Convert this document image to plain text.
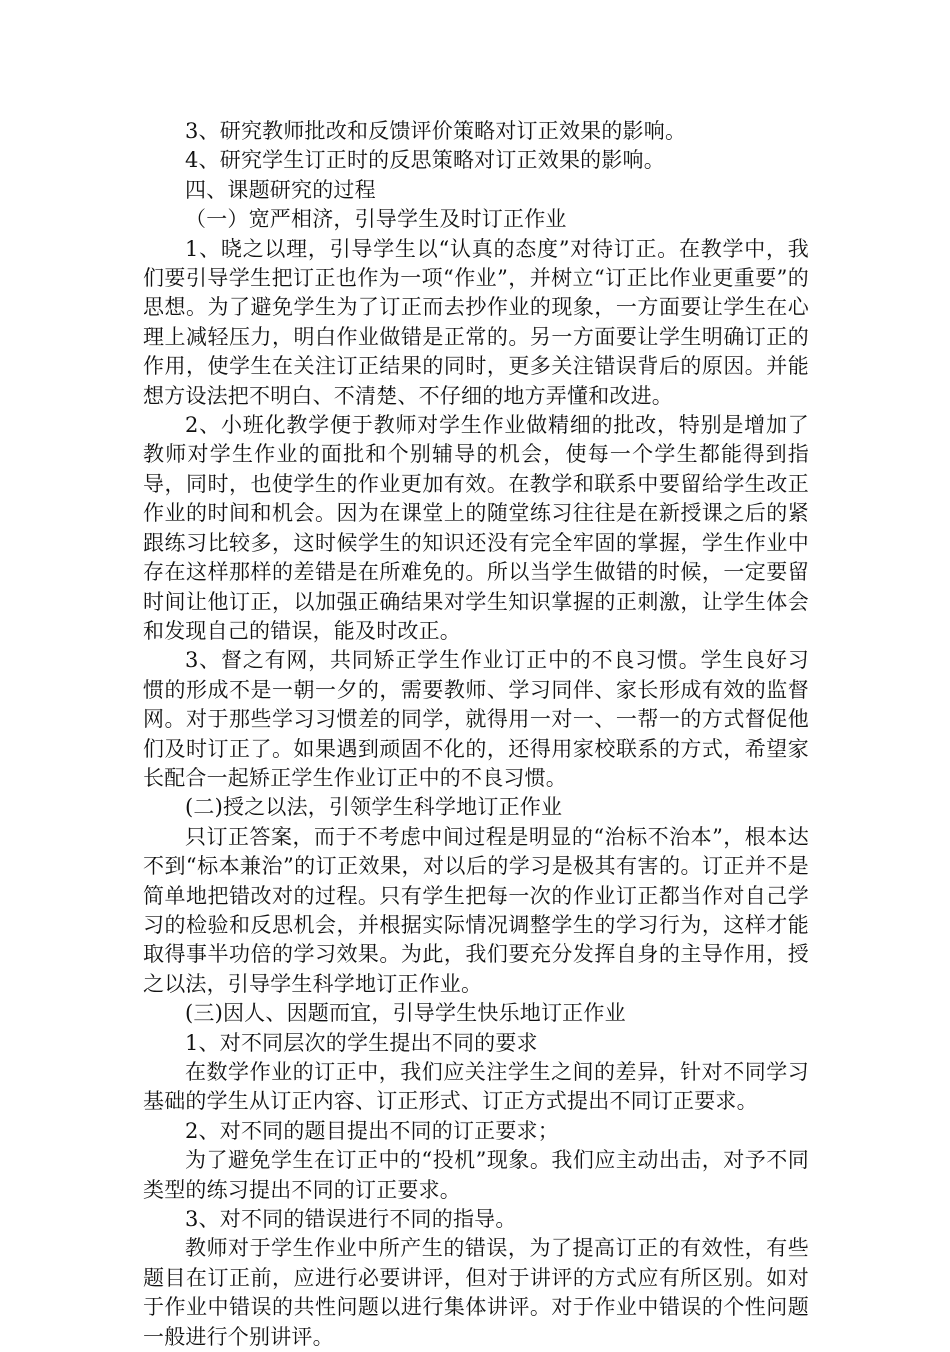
3、研究教师批改和反馈评价策略对订正效果的影响。

4、研究学生订正时的反思策略对订正效果的影响。

四、课题研究的过程

（一）宽严相济，引导学生及时订正作业

1、晓之以理，引导学生以“认真的态度”对待订正。在教学中，我们要引导学生把订正也作为一项“作业”，并树立“订正比作业更重要”的思想。为了避免学生为了订正而去抄作业的现象，一方面要让学生在心理上减轻压力，明白作业做错是正常的。另一方面要让学生明确订正的作用，使学生在关注订正结果的同时，更多关注错误背后的原因。并能想方设法把不明白、不清楚、不仔细的地方弄懂和改进。

2、小班化教学便于教师对学生作业做精细的批改，特别是增加了教师对学生作业的面批和个别辅导的机会，使每一个学生都能得到指导，同时，也使学生的作业更加有效。在教学和联系中要留给学生改正作业的时间和机会。因为在课堂上的随堂练习往往是在新授课之后的紧跟练习比较多，这时候学生的知识还没有完全牢固的掌握，学生作业中存在这样那样的差错是在所难免的。所以当学生做错的时候，一定要留时间让他订正，以加强正确结果对学生知识掌握的正刺激，让学生体会和发现自己的错误，能及时改正。

3、督之有网，共同矫正学生作业订正中的不良习惯。学生良好习惯的形成不是一朝一夕的，需要教师、学习同伴、家长形成有效的监督网。对于那些学习习惯差的同学，就得用一对一、一帮一的方式督促他们及时订正了。如果遇到顽固不化的，还得用家校联系的方式，希望家长配合一起矫正学生作业订正中的不良习惯。

(二)授之以法，引领学生科学地订正作业

只订正答案，而于不考虑中间过程是明显的“治标不治本”，根本达不到“标本兼治”的订正效果，对以后的学习是极其有害的。订正并不是简单地把错改对的过程。只有学生把每一次的作业订正都当作对自己学习的检验和反思机会，并根据实际情况调整学生的学习行为，这样才能取得事半功倍的学习效果。为此，我们要充分发挥自身的主导作用，授之以法，引导学生科学地订正作业。

(三)因人、因题而宜，引导学生快乐地订正作业

1、对不同层次的学生提出不同的要求

在数学作业的订正中，我们应关注学生之间的差异，针对不同学习基础的学生从订正内容、订正形式、订正方式提出不同订正要求。

2、对不同的题目提出不同的订正要求；

为了避免学生在订正中的“投机”现象。我们应主动出击，对予不同类型的练习提出不同的订正要求。

3、对不同的错误进行不同的指导。

教师对于学生作业中所产生的错误，为了提高订正的有效性，有些题目在订正前，应进行必要讲评，但对于讲评的方式应有所区别。如对于作业中错误的共性问题以进行集体讲评。对于作业中错误的个性问题一般进行个别讲评。
